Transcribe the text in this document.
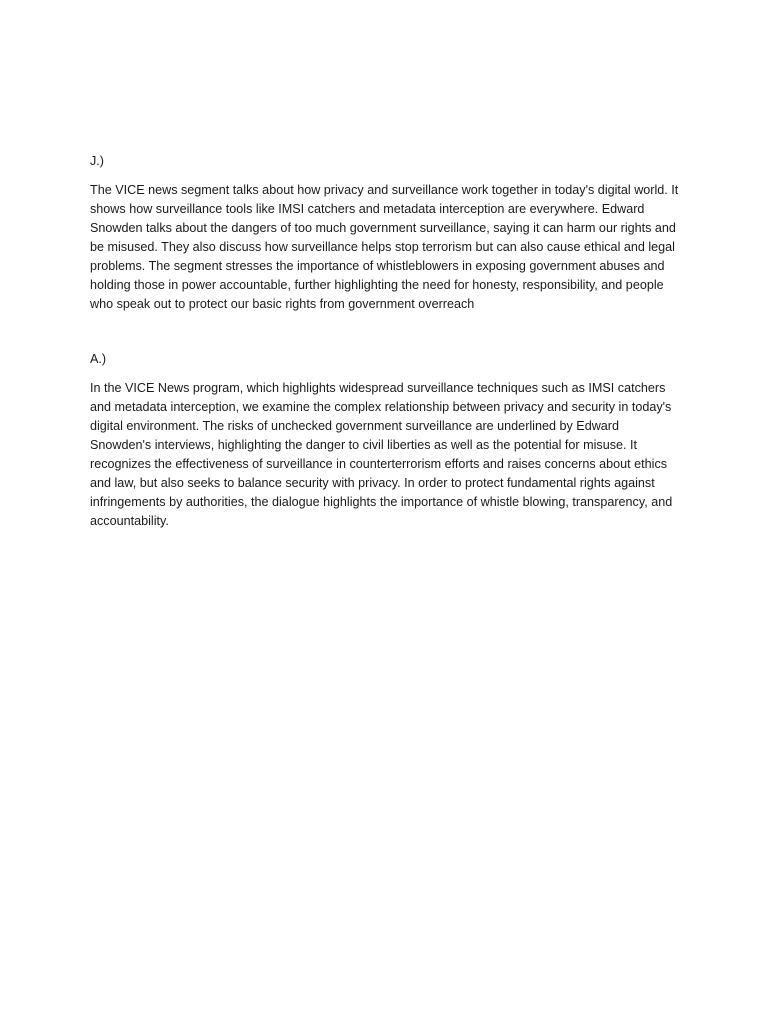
J.)

The VICE news segment talks about how privacy and surveillance work together in today's digital world. It shows how surveillance tools like IMSI catchers and metadata interception are everywhere. Edward Snowden talks about the dangers of too much government surveillance, saying it can harm our rights and be misused. They also discuss how surveillance helps stop terrorism but can also cause ethical and legal problems. The segment stresses the importance of whistleblowers in exposing government abuses and holding those in power accountable, further highlighting the need for honesty, responsibility, and people who speak out to protect our basic rights from government overreach

A.)

In the VICE News program, which highlights widespread surveillance techniques such as IMSI catchers and metadata interception, we examine the complex relationship between privacy and security in today's digital environment. The risks of unchecked government surveillance are underlined by Edward Snowden's interviews, highlighting the danger to civil liberties as well as the potential for misuse. It recognizes the effectiveness of surveillance in counterterrorism efforts and raises concerns about ethics and law, but also seeks to balance security with privacy. In order to protect fundamental rights against infringements by authorities, the dialogue highlights the importance of whistle blowing, transparency, and accountability.
